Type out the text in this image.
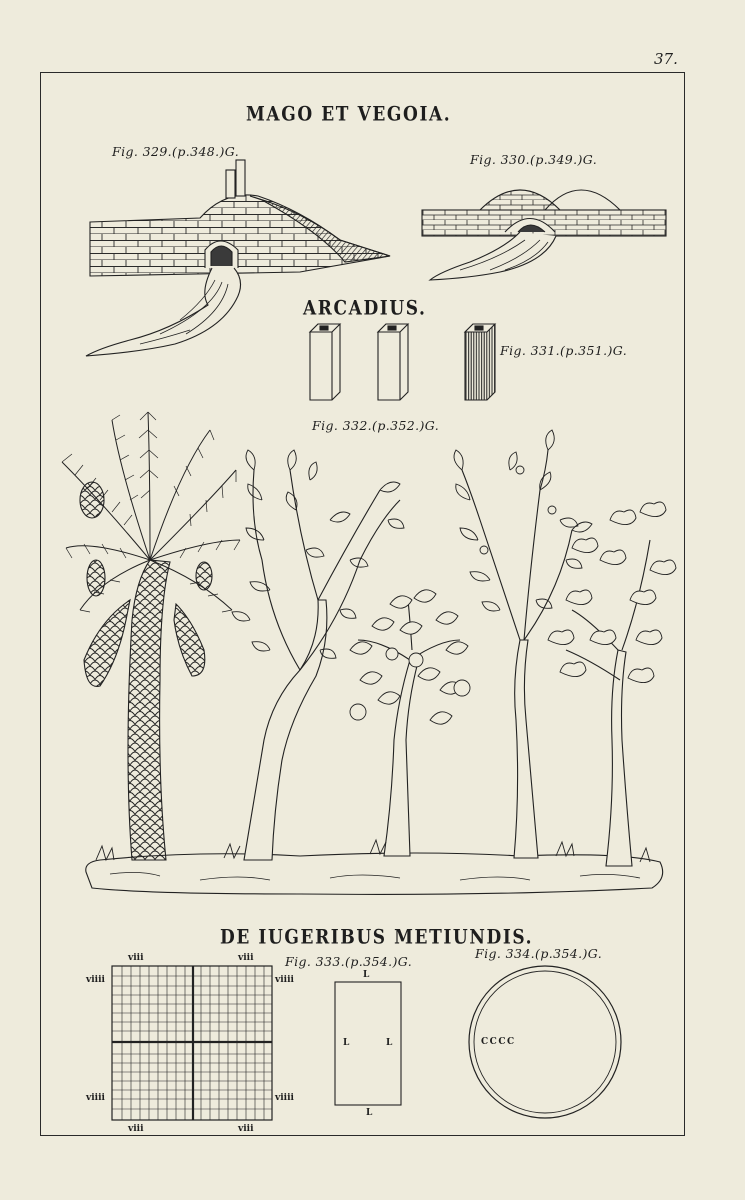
37.
MAGO ET VEGOIA.
Fig. 329.(p.348.)G.
Fig. 330.(p.349.)G.
ARCADIUS.
Fig. 331.(p.351.)G.
Fig. 332.(p.352.)G.
DE IUGERIBUS METIUNDIS.
Fig. 333.(p.354.)G.
Fig. 334.(p.354.)G.
viii	viii
viiii	viiii
viiii	viiii
viii	viii
L
L	L
L
CCCC
